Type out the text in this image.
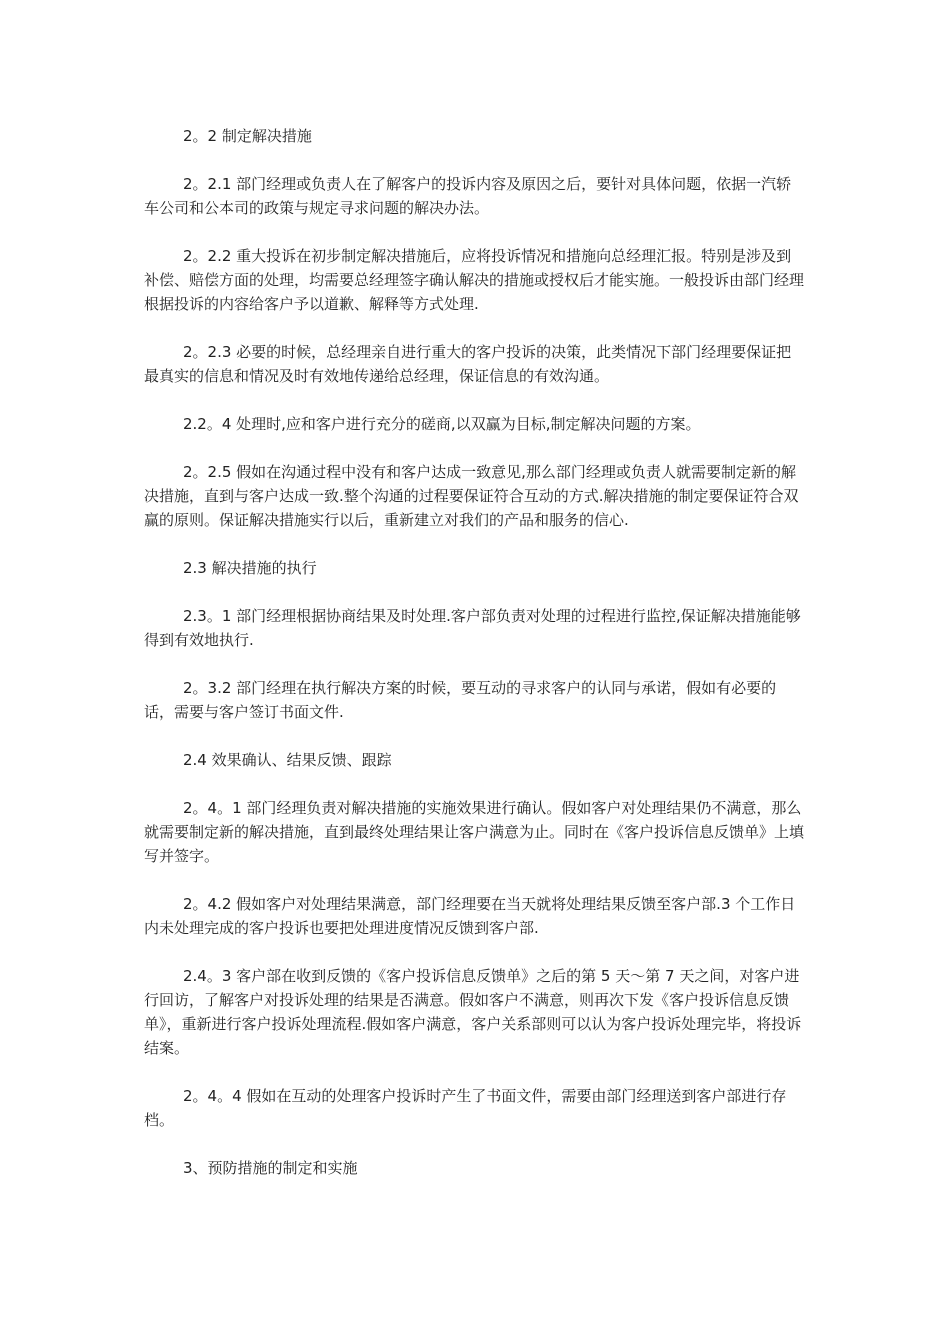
2。2 制定解决措施

2。2.1 部门经理或负责人在了解客户的投诉内容及原因之后，要针对具体问题，依据一汽轿车公司和公本司的政策与规定寻求问题的解决办法。

2。2.2 重大投诉在初步制定解决措施后，应将投诉情况和措施向总经理汇报。特别是涉及到补偿、赔偿方面的处理，均需要总经理签字确认解决的措施或授权后才能实施。一般投诉由部门经理根据投诉的内容给客户予以道歉、解释等方式处理.

2。2.3 必要的时候，总经理亲自进行重大的客户投诉的决策，此类情况下部门经理要保证把最真实的信息和情况及时有效地传递给总经理，保证信息的有效沟通。

2.2。4 处理时,应和客户进行充分的磋商,以双赢为目标,制定解决问题的方案。

2。2.5 假如在沟通过程中没有和客户达成一致意见,那么部门经理或负责人就需要制定新的解决措施，直到与客户达成一致.整个沟通的过程要保证符合互动的方式.解决措施的制定要保证符合双赢的原则。保证解决措施实行以后，重新建立对我们的产品和服务的信心.

2.3 解决措施的执行

2.3。1 部门经理根据协商结果及时处理.客户部负责对处理的过程进行监控,保证解决措施能够得到有效地执行.

2。3.2 部门经理在执行解决方案的时候，要互动的寻求客户的认同与承诺，假如有必要的话，需要与客户签订书面文件.

2.4 效果确认、结果反馈、跟踪

2。4。1 部门经理负责对解决措施的实施效果进行确认。假如客户对处理结果仍不满意，那么就需要制定新的解决措施，直到最终处理结果让客户满意为止。同时在《客户投诉信息反馈单》上填写并签字。

2。4.2 假如客户对处理结果满意，部门经理要在当天就将处理结果反馈至客户部.3 个工作日内未处理完成的客户投诉也要把处理进度情况反馈到客户部.

2.4。3 客户部在收到反馈的《客户投诉信息反馈单》之后的第 5 天～第 7 天之间，对客户进行回访，了解客户对投诉处理的结果是否满意。假如客户不满意，则再次下发《客户投诉信息反馈单》，重新进行客户投诉处理流程.假如客户满意，客户关系部则可以认为客户投诉处理完毕，将投诉结案。

2。4。4 假如在互动的处理客户投诉时产生了书面文件，需要由部门经理送到客户部进行存档。

3、预防措施的制定和实施
